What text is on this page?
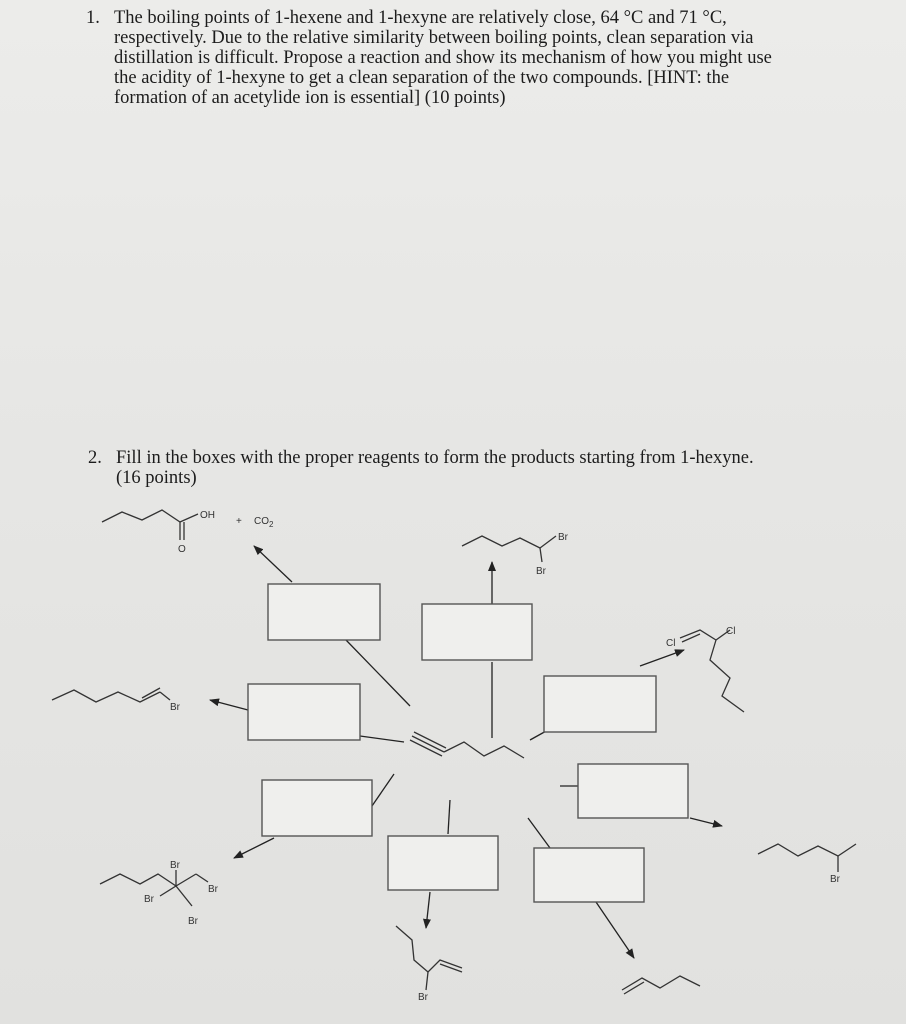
1. The boiling points of 1-hexene and 1-hexyne are relatively close, 64 °C and 71 °C,
respectively. Due to the relative similarity between boiling points, clean separation via
distillation is difficult. Propose a reaction and show its mechanism of how you might use
the acidity of 1-hexyne to get a clean separation of the two compounds. [HINT: the
formation of an acetylide ion is essential] (10 points)
2. Fill in the boxes with the proper reagents to form the products starting from 1-hexyne.
(16 points)
OH
O
+ $CO_2$
Br
Br
Br
Cl
Cl
Br
Br
Br
Br
Br
Br
